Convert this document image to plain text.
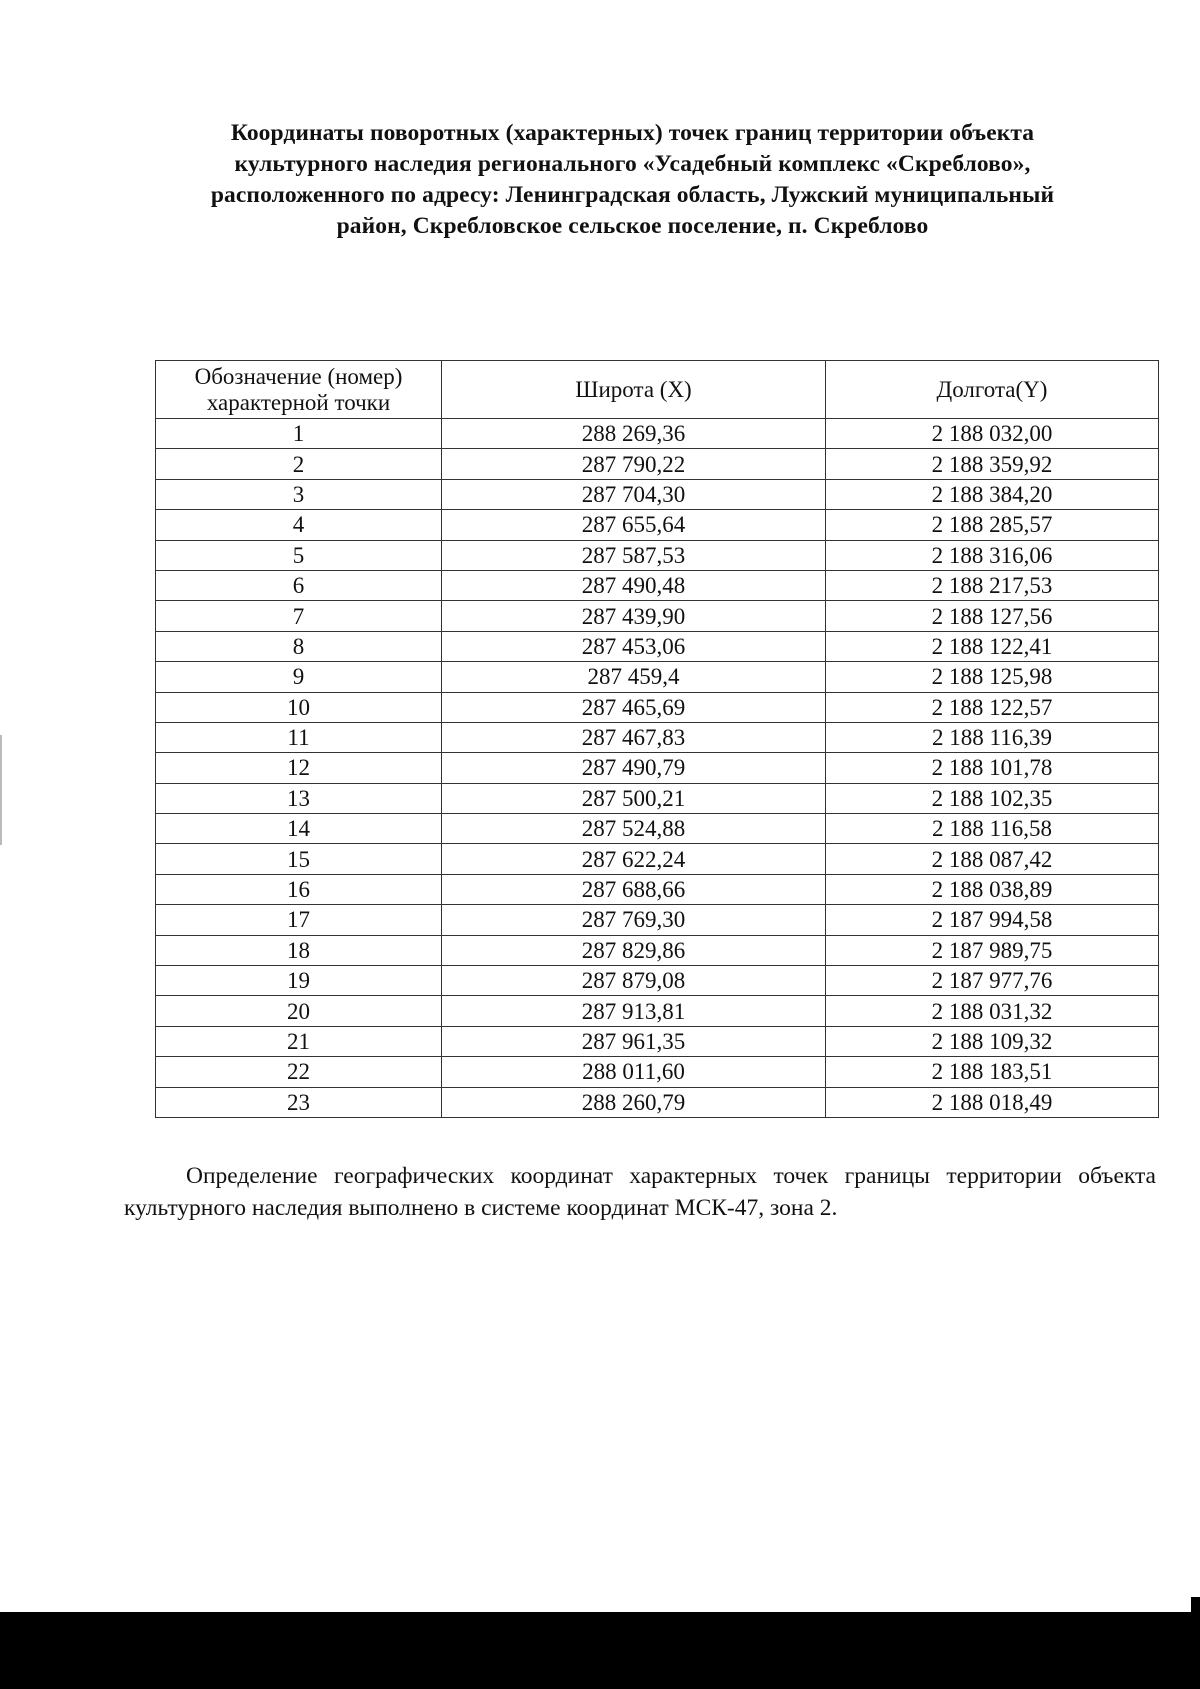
Координаты поворотных (характерных) точек границ территории объекта
культурного наследия регионального «Усадебный комплекс «Скреблово»,
расположенного по адресу: Ленинградская область, Лужский муниципальный
район, Скребловское сельское поселение, п. Скреблово
Обозначение (номер)
характерной точки	Широта (X)	Долгота(Y)
1	288 269,36	2 188 032,00
2	287 790,22	2 188 359,92
3	287 704,30	2 188 384,20
4	287 655,64	2 188 285,57
5	287 587,53	2 188 316,06
6	287 490,48	2 188 217,53
7	287 439,90	2 188 127,56
8	287 453,06	2 188 122,41
9	287 459,4	2 188 125,98
10	287 465,69	2 188 122,57
11	287 467,83	2 188 116,39
12	287 490,79	2 188 101,78
13	287 500,21	2 188 102,35
14	287 524,88	2 188 116,58
15	287 622,24	2 188 087,42
16	287 688,66	2 188 038,89
17	287 769,30	2 187 994,58
18	287 829,86	2 187 989,75
19	287 879,08	2 187 977,76
20	287 913,81	2 188 031,32
21	287 961,35	2 188 109,32
22	288 011,60	2 188 183,51
23	288 260,79	2 188 018,49
Определение географических координат характерных точек границы территории объекта культурного наследия выполнено в системе координат МСК-47, зона 2.
